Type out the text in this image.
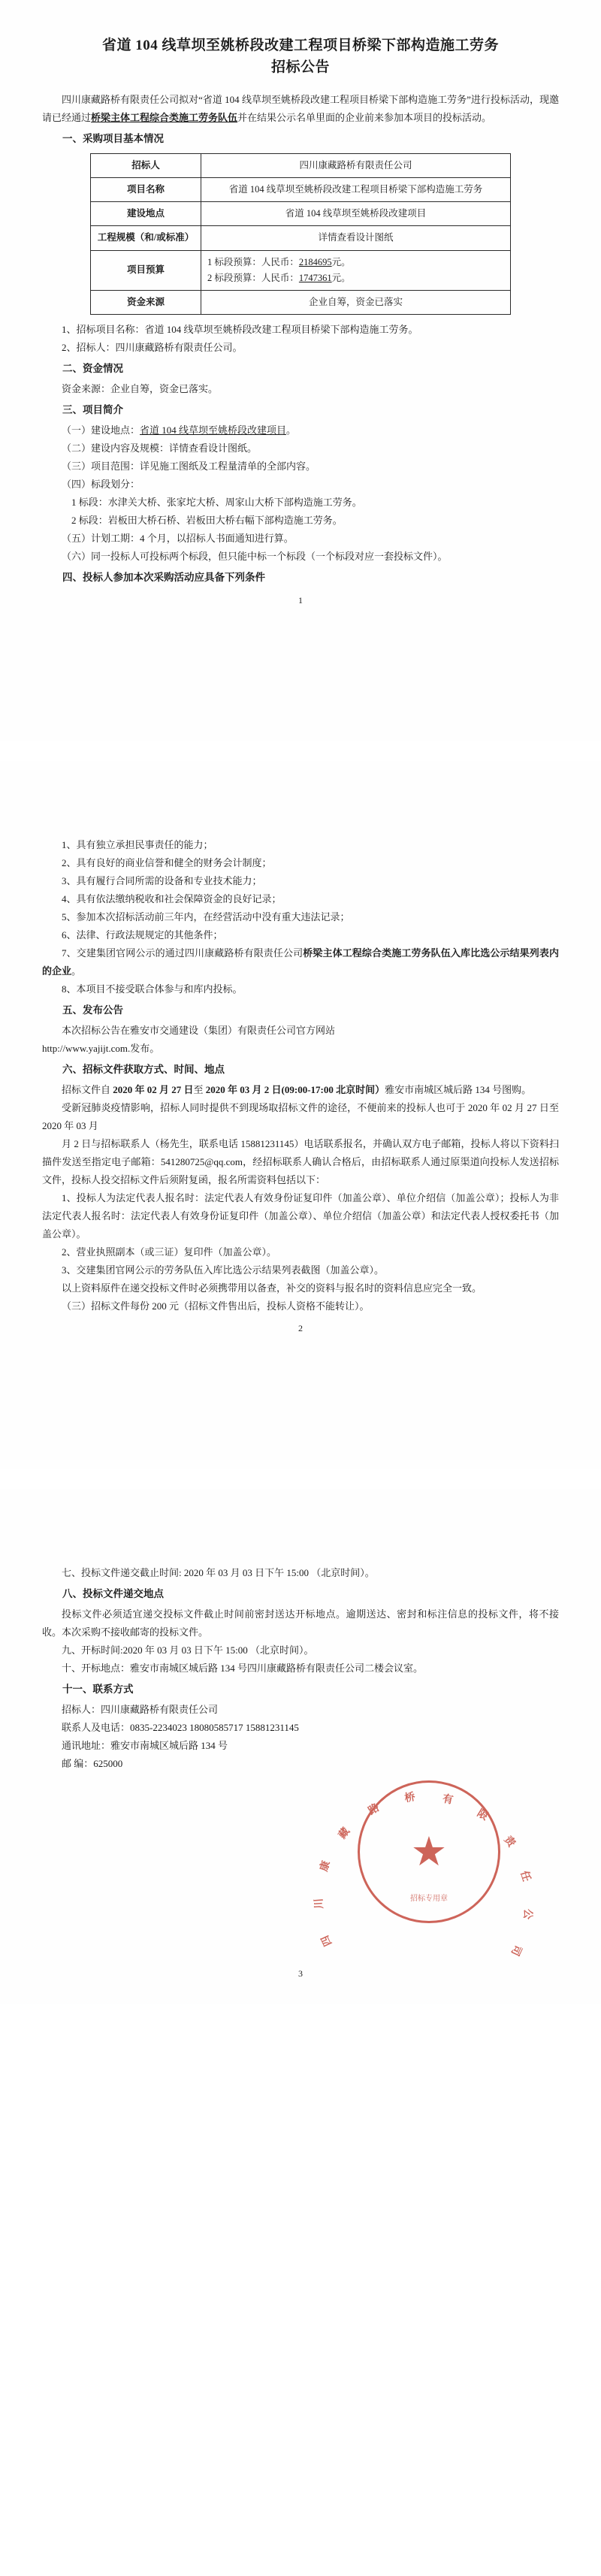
省道 104 线草坝至姚桥段改建工程项目桥梁下部构造施工劳务
招标公告

四川康藏路桥有限责任公司拟对“省道 104 线草坝至姚桥段改建工程项目桥梁下部构造施工劳务”进行投标活动，现邀请已经通过桥梁主体工程综合类施工劳务队伍并在结果公示名单里面的企业前来参加本项目的投标活动。

一、采购项目基本情况

招标人	四川康藏路桥有限责任公司
项目名称	省道 104 线草坝至姚桥段改建工程项目桥梁下部构造施工劳务
建设地点	省道 104 线草坝至姚桥段改建项目
工程规模（和/或标准）	详情查看设计图纸
项目预算	1 标段预算：人民币：2184695元。
2 标段预算：人民币：1747361元。

资金来源	企业自筹，资金已落实

1、招标项目名称：省道 104 线草坝至姚桥段改建工程项目桥梁下部构造施工劳务。

2、招标人：四川康藏路桥有限责任公司。

二、资金情况

资金来源：企业自筹，资金已落实。

三、项目简介

（一）建设地点：省道 104 线草坝至姚桥段改建项目。

（二）建设内容及规模：详情查看设计图纸。

（三）项目范围：详见施工图纸及工程量清单的全部内容。

（四）标段划分：

1 标段：水津关大桥、张家坨大桥、周家山大桥下部构造施工劳务。

2 标段：岩板田大桥石桥、岩板田大桥右幅下部构造施工劳务。

（五）计划工期：4 个月，以招标人书面通知进行算。

（六）同一投标人可投标两个标段，但只能中标一个标段（一个标段对应一套投标文件）。

四、投标人参加本次采购活动应具备下列条件

1

1、具有独立承担民事责任的能力；

2、具有良好的商业信誉和健全的财务会计制度；

3、具有履行合同所需的设备和专业技术能力；

4、具有依法缴纳税收和社会保障资金的良好记录；

5、参加本次招标活动前三年内，在经营活动中没有重大违法记录；

6、法律、行政法规规定的其他条件；

7、交建集团官网公示的通过四川康藏路桥有限责任公司桥梁主体工程综合类施工劳务队伍入库比选公示结果列表内的企业。

8、本项目不接受联合体参与和库内投标。

五、发布公告

本次招标公告在雅安市交通建设（集团）有限责任公司官方网站

http://www.yajijt.com.发布。

六、招标文件获取方式、时间、地点

招标文件自 2020 年 02 月 27 日至 2020 年 03 月 2 日(09:00-17:00 北京时间）雅安市南城区城后路 134 号图购。

受新冠肺炎疫情影响，招标人同时提供不到现场取招标文件的途径，不便前来的投标人也可于 2020 年 02 月 27 日至 2020 年 03 月

月 2 日与招标联系人（杨先生，联系电话 15881231145）电话联系报名，并确认双方电子邮箱，投标人将以下资料扫描件发送至指定电子邮箱：541280725@qq.com，经招标联系人确认合格后，由招标联系人通过原渠道向投标人发送招标文件，投标人投交招标文件后须附复函，报名所需资料包括以下：

1、投标人为法定代表人报名时：法定代表人有效身份证复印件（加盖公章）、单位介绍信（加盖公章）；投标人为非法定代表人报名时：法定代表人有效身份证复印件（加盖公章）、单位介绍信（加盖公章）和法定代表人授权委托书（加盖公章）。

2、营业执照副本（或三证）复印件（加盖公章）。

3、交建集团官网公示的劳务队伍入库比选公示结果列表截图（加盖公章）。

以上资料原件在递交投标文件时必须携带用以备查，补交的资料与报名时的资料信息应完全一致。

（三）招标文件每份 200 元（招标文件售出后，投标人资格不能转让）。

2

七、投标文件递交截止时间: 2020 年 03 月 03 日下午 15:00 （北京时间）。

八、投标文件递交地点

投标文件必须适宜递交投标文件截止时间前密封送达开标地点。逾期送达、密封和标注信息的投标文件，将不接收。本次采购不接收邮寄的投标文件。

九、开标时间:2020 年 03 月 03 日下午 15:00 （北京时间）。

十、开标地点：雅安市南城区城后路 134 号四川康藏路桥有限责任公司二楼会议室。

十一、联系方式

招标人：四川康藏路桥有限责任公司

联系人及电话：0835-2234023 18080585717 15881231145

通讯地址：雅安市南城区城后路 134 号

邮 编：625000

四
川
康
藏
路
桥 有
限
责
任
公
司
★
招标专用章
3
